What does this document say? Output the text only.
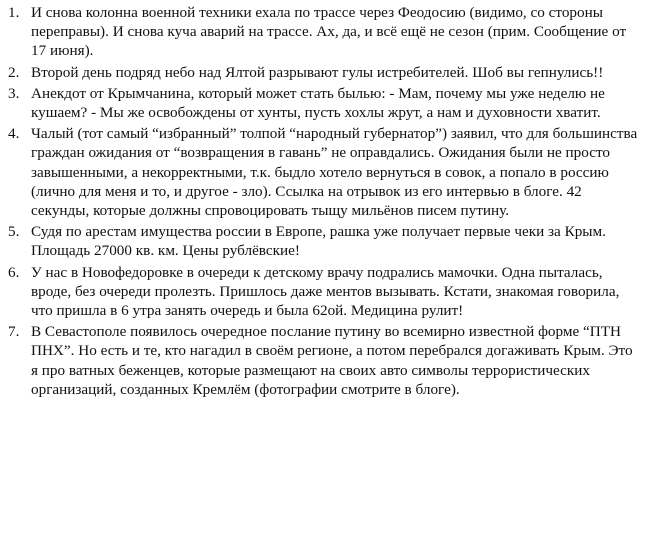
1. И снова колонна военной техники ехала по трассе через Феодосию (видимо, со стороны переправы). И снова куча аварий на трассе. Ах, да, и всё ещё не сезон (прим. Сообщение от 17 июня).
2. Второй день подряд небо над Ялтой разрывают гулы истребителей. Шоб вы гепнулись!!
3. Анекдот от Крымчанина, который может стать былью: - Мам, почему мы уже неделю не кушаем? - Мы же освобождены от хунты, пусть хохлы жрут, а нам и духовности хватит.
4. Чалый (тот самый “избранный” толпой “народный губернатор”) заявил, что для большинства граждан ожидания от “возвращения в гавань” не оправдались. Ожидания были не просто завышенными, а некорректными, т.к. быдло хотело вернуться в совок, а попало в россию (лично для меня и то, и другое - зло). Ссылка на отрывок из его интервью в блоге. 42 секунды, которые должны спровоцировать тыщу мильёнов писем путину.
5. Судя по арестам имущества россии в Европе, рашка уже получает первые чеки за Крым. Площадь 27000 кв. км. Цены рублёвские!
6. У нас в Новофедоровке в очереди к детскому врачу подрались мамочки. Одна пыталась, вроде, без очереди пролезть. Пришлось даже ментов вызывать. Кстати, знакомая говорила, что пришла в 6 утра занять очередь и была 62ой. Медицина рулит!
7. В Севастополе появилось очередное послание путину во всемирно известной форме “ПТН ПНХ”. Но есть и те, кто нагадил в своём регионе, а потом перебрался догаживать Крым. Это я про ватных беженцев, которые размещают на своих авто символы террористических организаций, созданных Кремлём (фотографии смотрите в блоге).
